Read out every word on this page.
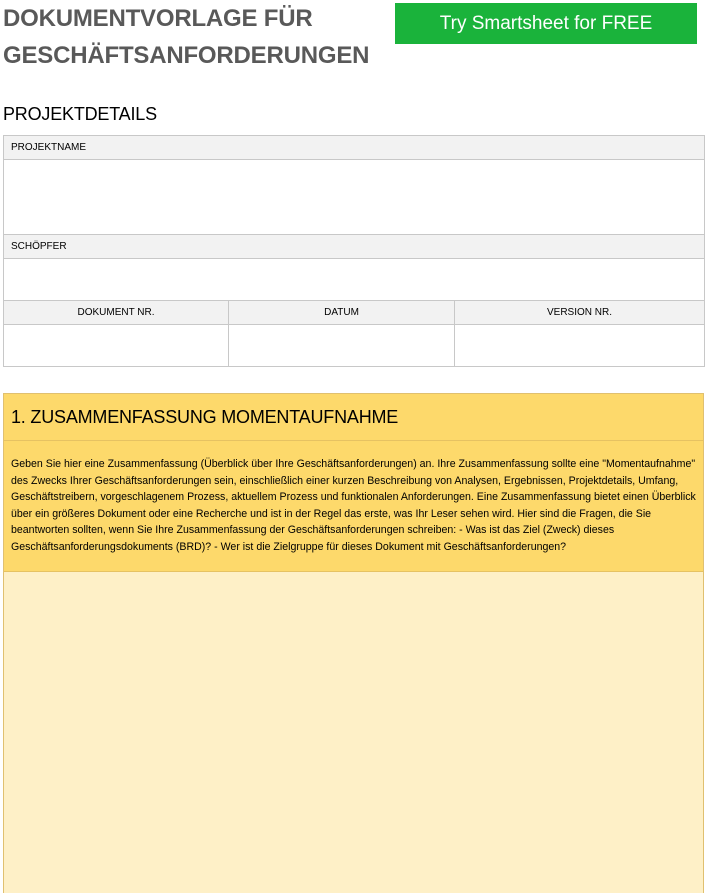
DOKUMENTVORLAGE FÜR
GESCHÄFTSANFORDERUNGEN
Try Smartsheet for FREE
PROJEKTDETAILS
PROJEKTNAME		

SCHÖPFER		

DOKUMENT NR.	DATUM	VERSION NR.

1. ZUSAMMENFASSUNG MOMENTAUFNAHME
Geben Sie hier eine Zusammenfassung (Überblick über Ihre Geschäftsanforderungen) an. Ihre Zusammenfassung sollte eine "Momentaufnahme" des Zwecks Ihrer Geschäftsanforderungen sein, einschließlich einer kurzen Beschreibung von Analysen, Ergebnissen, Projektdetails, Umfang, Geschäftstreibern, vorgeschlagenem Prozess, aktuellem Prozess und funktionalen Anforderungen. Eine Zusammenfassung bietet einen Überblick über ein größeres Dokument oder eine Recherche und ist in der Regel das erste, was Ihr Leser sehen wird. Hier sind die Fragen, die Sie beantworten sollten, wenn Sie Ihre Zusammenfassung der Geschäftsanforderungen schreiben: - Was ist das Ziel (Zweck) dieses Geschäftsanforderungsdokuments (BRD)? - Wer ist die Zielgruppe für dieses Dokument mit Geschäftsanforderungen?
